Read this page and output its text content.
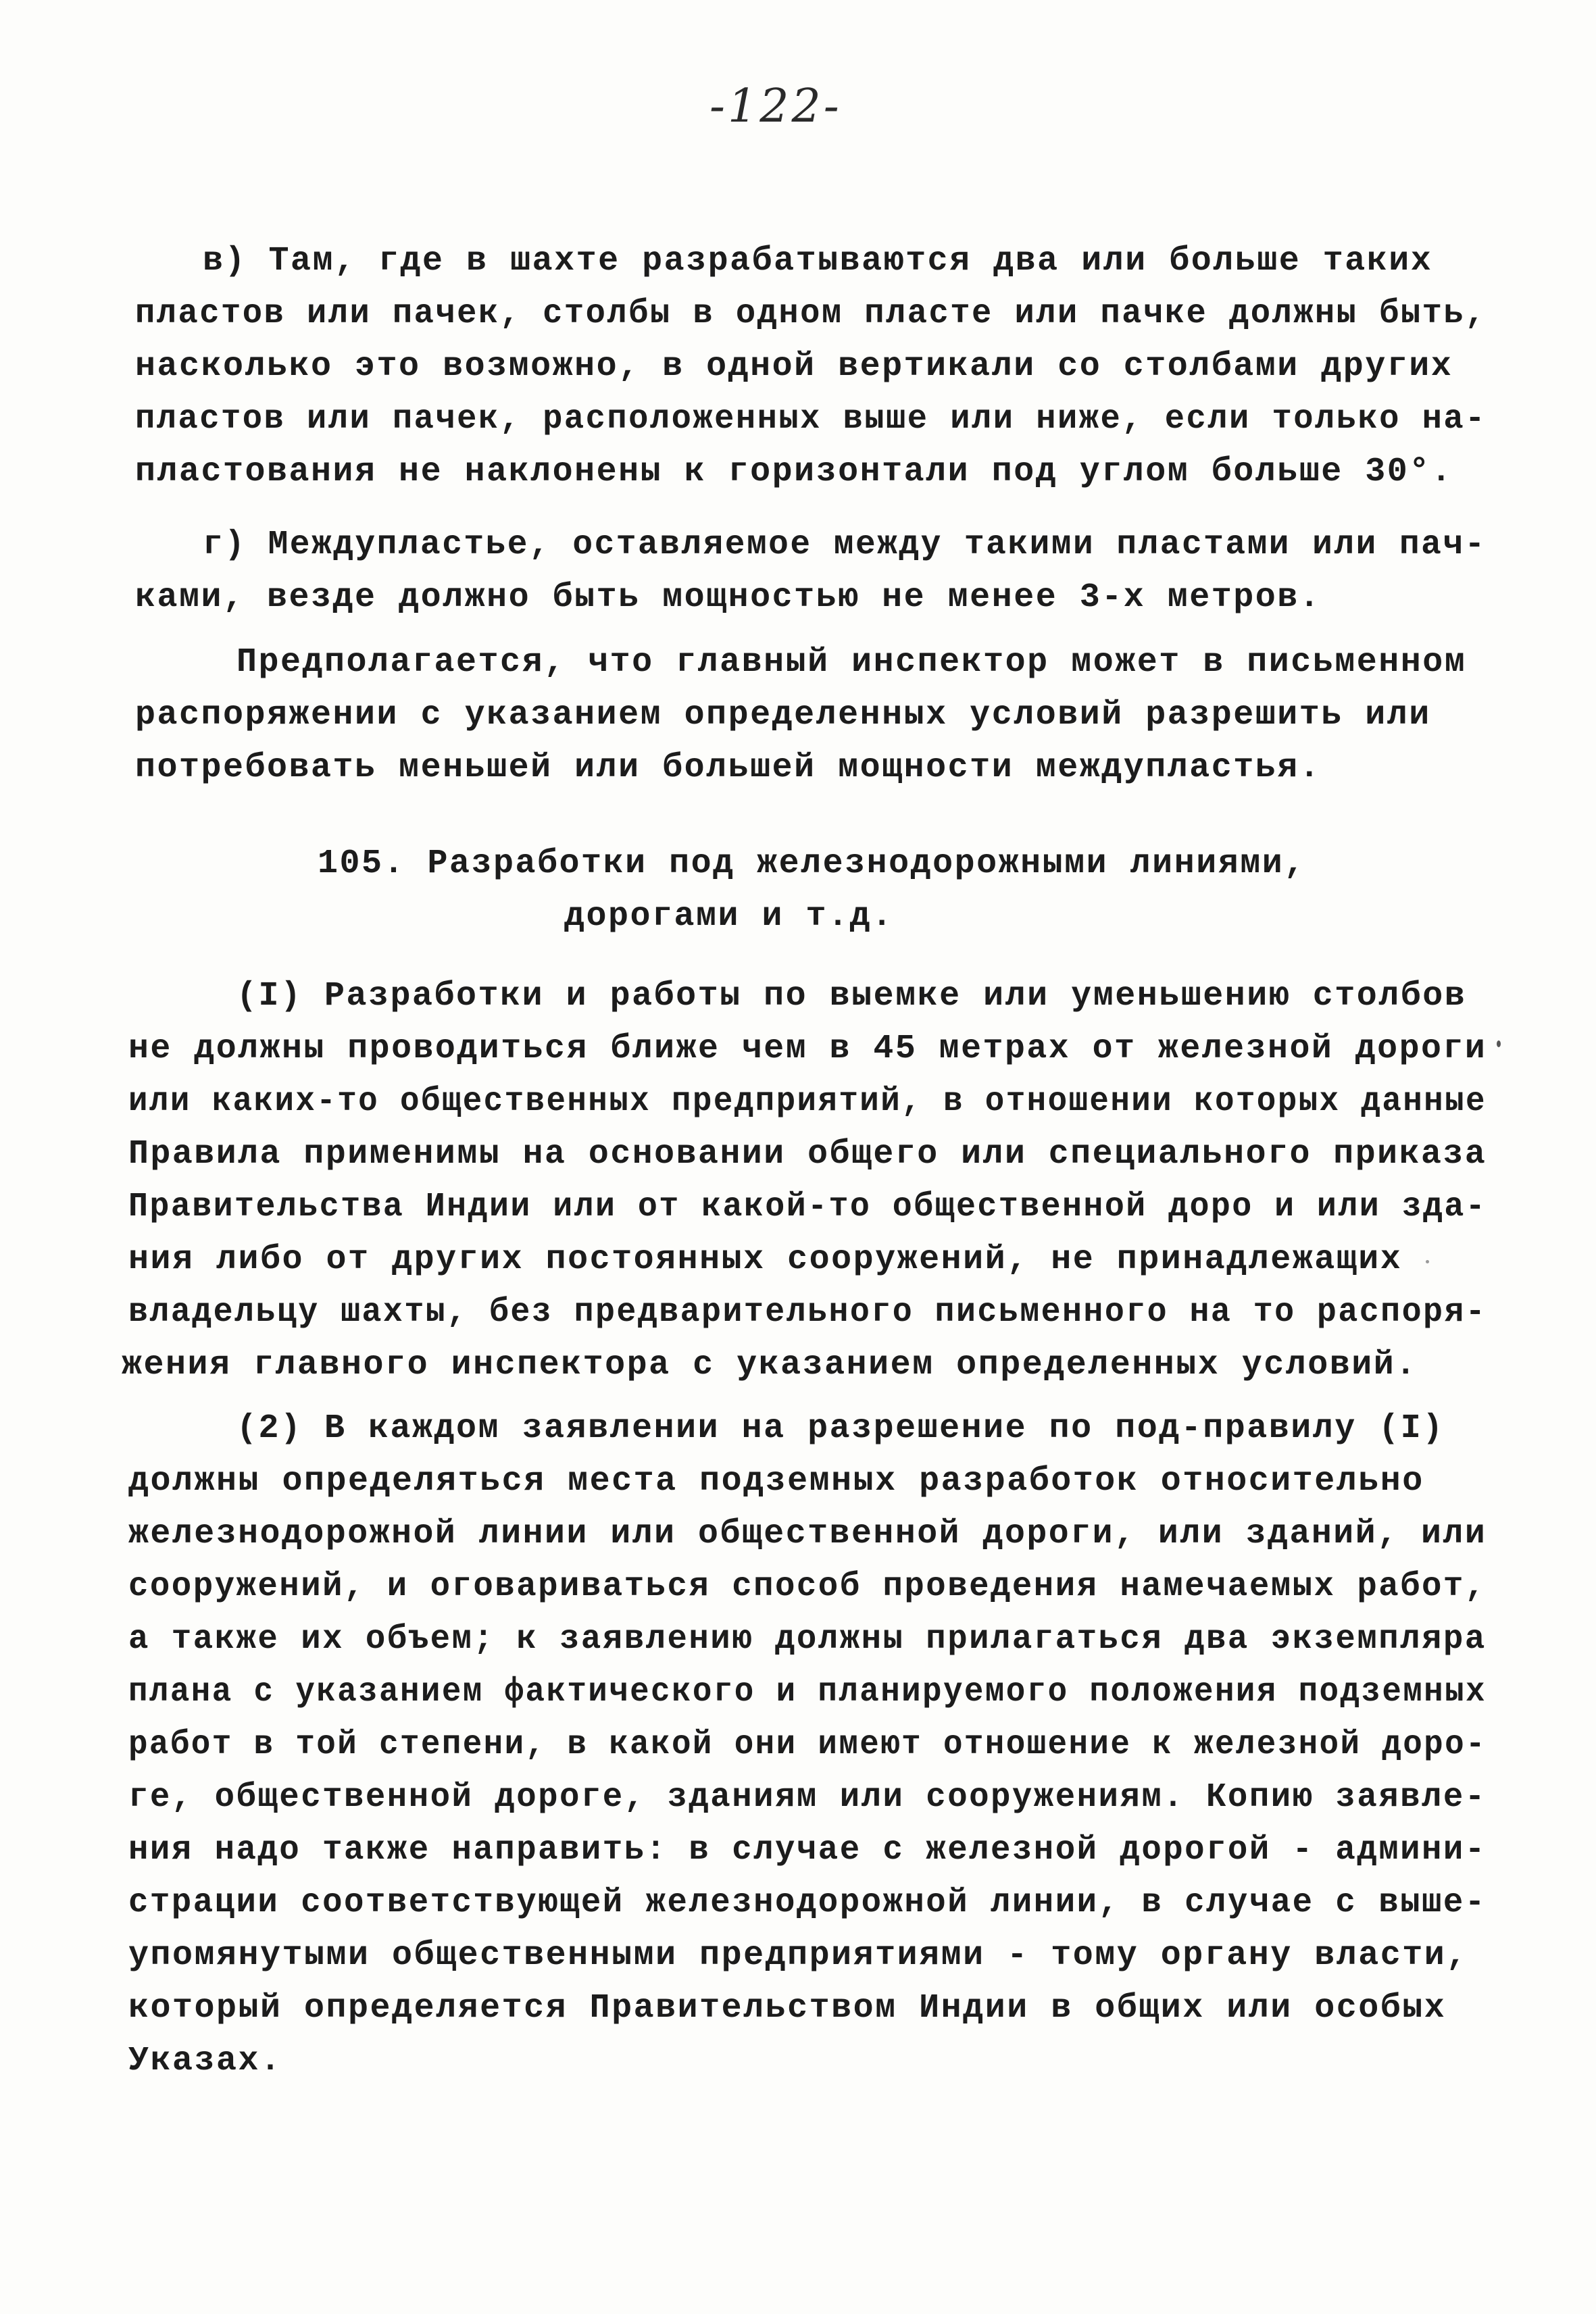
-122-
в) Там, где в шахте разрабатываются два или больше таких
пластов или пачек, столбы в одном пласте или пачке должны быть,
насколько это возможно, в одной вертикали со столбами других
пластов или пачек, расположенных выше или ниже, если только на-
пластования не наклонены к горизонтали под углом больше 30°.
г) Междупластье, оставляемое между такими пластами или пач-
ками, везде должно быть мощностью не менее 3-х метров.
Предполагается, что главный инспектор может в письменном
распоряжении с указанием определенных условий разрешить или
потребовать меньшей или большей мощности междупластья.
105. Разработки под железнодорожными линиями,
дорогами и т.д.
(I) Разработки и работы по выемке или уменьшению столбов
не должны проводиться ближе чем в 45 метрах от железной дороги
или каких-то общественных предприятий, в отношении которых данные
Правила применимы на основании общего или специального приказа
Правительства Индии или от какой-то общественной доро и или зда-
ния либо от других постоянных сооружений, не принадлежащих
владельцу шахты, без предварительного письменного на то распоря-
жения главного инспектора с указанием определенных условий.
(2) В каждом заявлении на разрешение по под-правилу (I)
должны определяться места подземных разработок относительно
железнодорожной линии или общественной дороги, или зданий, или
сооружений, и оговариваться способ проведения намечаемых работ,
а также их объем; к заявлению должны прилагаться два экземпляра
плана с указанием фактического и планируемого положения подземных
работ в той степени, в какой они имеют отношение к железной доро-
ге, общественной дороге, зданиям или сооружениям. Копию заявле-
ния надо также направить: в случае с железной дорогой - админи-
страции соответствующей железнодорожной линии, в случае с выше-
упомянутыми общественными предприятиями - тому органу власти,
который определяется Правительством Индии в общих или особых
Указах.
